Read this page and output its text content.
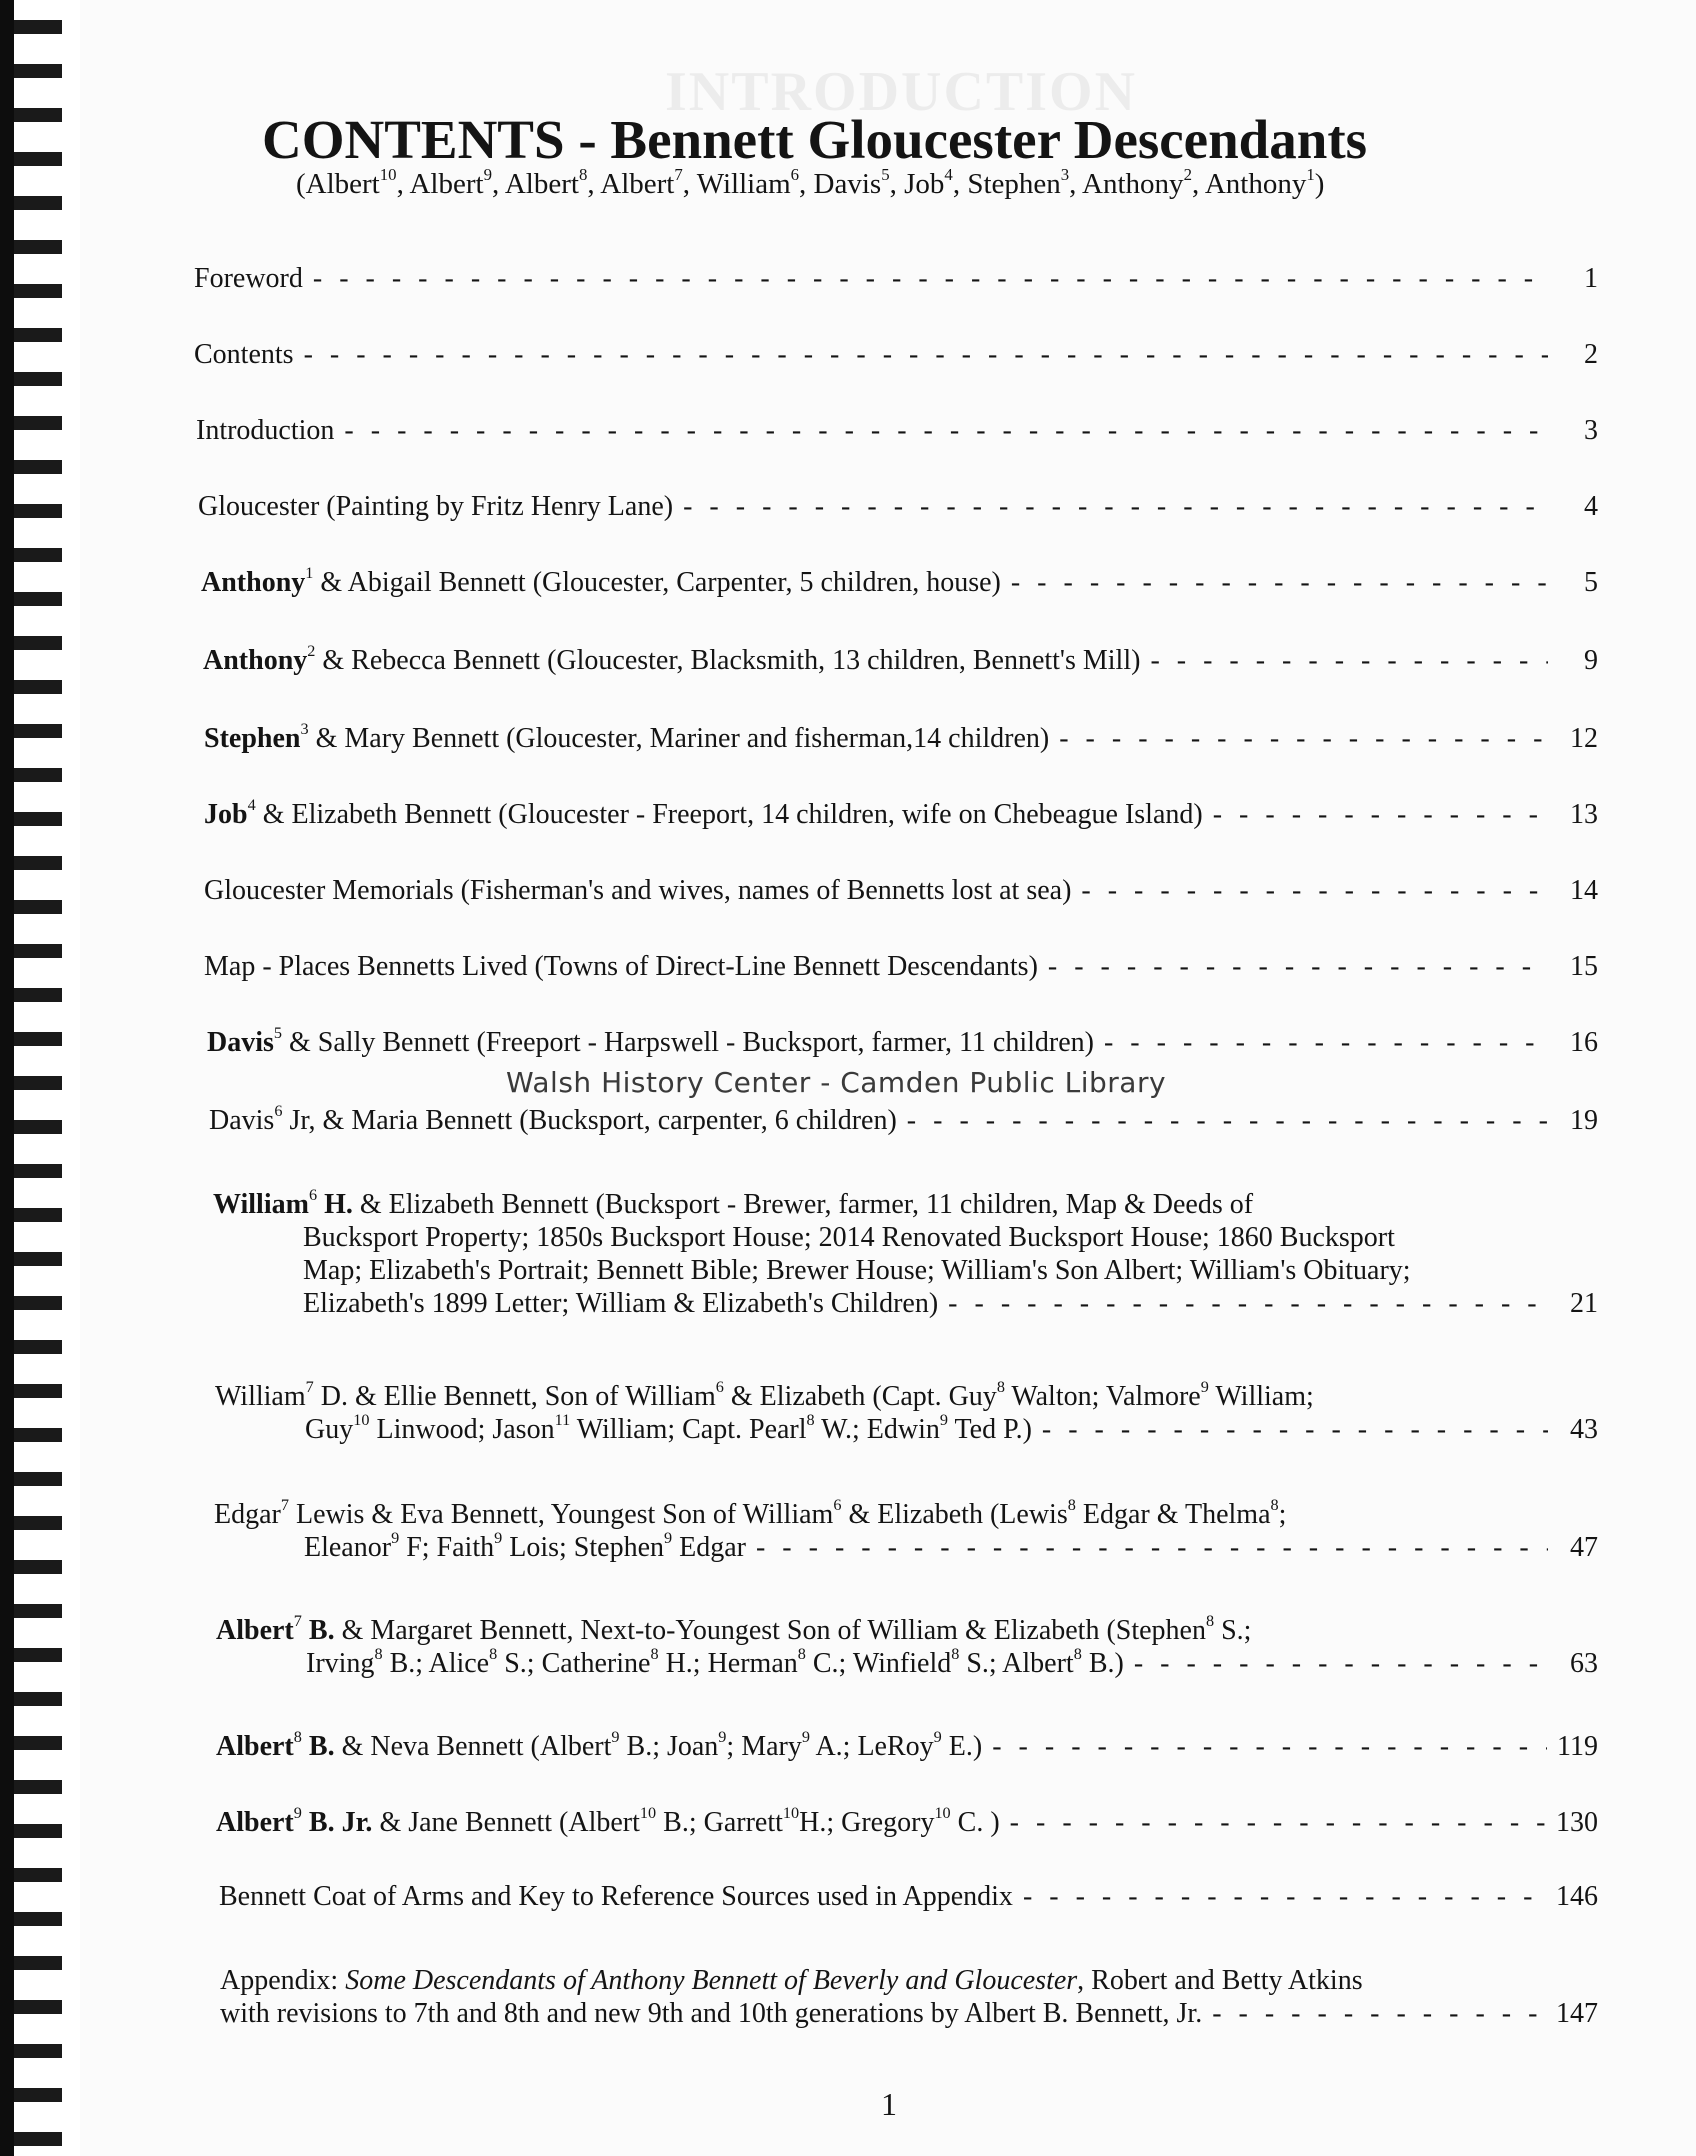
INTRODUCTION
CONTENTS - Bennett Gloucester Descendants
(Albert$^{10}$, Albert$^9$, Albert$^8$, Albert$^7$, William$^6$, Davis$^5$, Job$^4$, Stephen$^3$, Anthony$^2$, Anthony$^1$)
Foreword - - -	1
Contents - - -	2
Introduction - - -	3
Gloucester (Painting by Fritz Henry Lane) - - -	4
Anthony$^1$ & Abigail Bennett (Gloucester, Carpenter, 5 children, house) - - -	5
Anthony$^2$ & Rebecca Bennett (Gloucester, Blacksmith, 13 children, Bennett's Mill) - - -	9
Stephen$^3$ & Mary Bennett (Gloucester, Mariner and fisherman,14 children) - - -	12
Job$^4$ & Elizabeth Bennett (Gloucester - Freeport, 14 children, wife on Chebeague Island) - - -	13
Gloucester Memorials (Fisherman's and wives, names of Bennetts lost at sea) - - -	14
Map - Places Bennetts Lived (Towns of Direct-Line Bennett Descendants) - - -	15
Davis$^5$ & Sally Bennett (Freeport - Harpswell - Bucksport, farmer, 11 children) - - -	16
Davis$^6$ Jr, & Maria Bennett (Bucksport, carpenter, 6 children) - - -	19
William$^6$ H. & Elizabeth Bennett (Bucksport - Brewer, farmer, 11 children, Map & Deeds of
Bucksport Property; 1850s Bucksport House; 2014 Renovated Bucksport House; 1860 Bucksport
Map; Elizabeth's Portrait; Bennett Bible; Brewer House; William's Son Albert; William's Obituary;
Elizabeth's 1899 Letter; William & Elizabeth's Children) - - -	21
William$^7$ D. & Ellie Bennett, Son of William$^6$ & Elizabeth (Capt. Guy$^8$ Walton; Valmore$^9$ William;
Guy$^{10}$ Linwood; Jason$^{11}$ William; Capt. Pearl$^8$ W.; Edwin$^9$ Ted P.) - - -	43
Edgar$^7$ Lewis & Eva Bennett, Youngest Son of William$^6$ & Elizabeth (Lewis$^8$ Edgar & Thelma$^8$;
Eleanor$^9$ F; Faith$^9$ Lois; Stephen$^9$ Edgar - - -	47
Albert$^7$ B. & Margaret Bennett, Next-to-Youngest Son of William & Elizabeth (Stephen$^8$ S.;
Irving$^8$ B.; Alice$^8$ S.; Catherine$^8$ H.; Herman$^8$ C.; Winfield$^8$ S.; Albert$^8$ B.) - - -	63
Albert$^8$ B. & Neva Bennett (Albert$^9$ B.; Joan$^9$; Mary$^9$ A.; LeRoy$^9$ E.) - - -	119
Albert$^9$ B. Jr. & Jane Bennett (Albert$^{10}$ B.; Garrett$^{10}$H.; Gregory$^{10}$ C. ) - - -	130
Bennett Coat of Arms and Key to Reference Sources used in Appendix - - -	146
Appendix: Some Descendants of Anthony Bennett of Beverly and Gloucester, Robert and Betty Atkins
with revisions to 7th and 8th and new 9th and 10th generations by Albert B. Bennett, Jr. - - -	147
Walsh History Center - Camden Public Library
1
